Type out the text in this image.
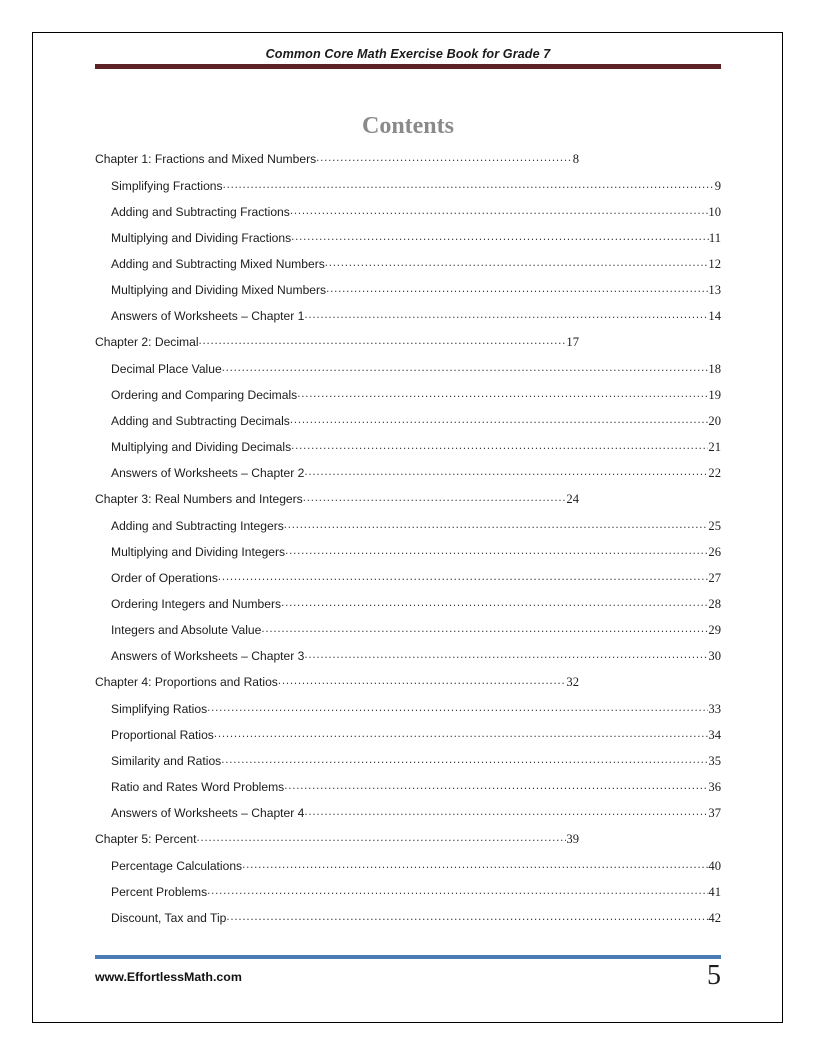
Common Core Math Exercise Book for Grade 7
Contents
Chapter 1: Fractions and Mixed Numbers .....	8
Simplifying Fractions .....	9
Adding and Subtracting Fractions .....	10
Multiplying and Dividing Fractions .....	11
Adding and Subtracting Mixed Numbers .....	12
Multiplying and Dividing Mixed Numbers .....	13
Answers of Worksheets – Chapter 1 .....	14
Chapter 2: Decimal .....	17
Decimal Place Value .....	18
Ordering and Comparing Decimals .....	19
Adding and Subtracting Decimals .....	20
Multiplying and Dividing Decimals .....	21
Answers of Worksheets – Chapter 2 .....	22
Chapter 3: Real Numbers and Integers .....	24
Adding and Subtracting Integers .....	25
Multiplying and Dividing Integers .....	26
Order of Operations .....	27
Ordering Integers and Numbers .....	28
Integers and Absolute Value .....	29
Answers of Worksheets – Chapter 3 .....	30
Chapter 4: Proportions and Ratios .....	32
Simplifying Ratios .....	33
Proportional Ratios .....	34
Similarity and Ratios .....	35
Ratio and Rates Word Problems .....	36
Answers of Worksheets – Chapter 4 .....	37
Chapter 5: Percent .....	39
Percentage Calculations .....	40
Percent Problems .....	41
Discount, Tax and Tip .....	42
www.EffortlessMath.com	5
